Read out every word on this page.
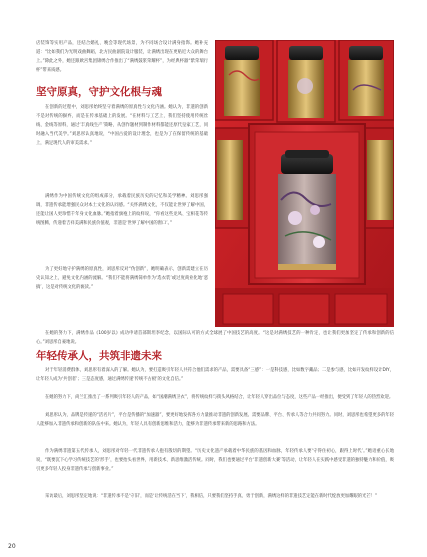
店装饰等实用产品，还结合婚礼、晚会等现代场景，为不同场合设计满身指饰。她补充道：“比如我们为光明戏曲舞蹈，北方民曲剧院设计服装，让满绣出现在更贴近大众的舞台上。”除此之外，她还跟欧宫集团锦绣合作推出了“满绣鼓浆荣耀杯”，为经典杯器“紫荣瑞行杯”带来质感。

坚守原真，守护文化根与魂

在创新的过程中，刘思彤始终坚守着满绣的原真性与文化内涵。她认为，非遗的创新不是对传统的摒弃，而是在传承基础上的发展。“在材料与工艺上，我们坚持使用传统丝线、金线等原料，通过‘丰真线生产’策略，从创作题材到制作材料都能还原代皇家工艺，同时融入当代美学。”刘思彤认真地说，“中国古爱的设计理念，也是为了在保留传统的基础上，满足现代人的审美需求。”

满绣作为中国传统文化的组成部分，承载着民族历史的记忆和美学精神。刘思彤强调，非遗传承能增强民众对本土文化的认同感。“关怀满绣文化，不仅能让世界了解中国，还能让国人更珍惜千年身文化血脉。”她指着旗袍上的纹样说，“你看这些龙凤、宝相花等传统图腾，传递着吉祥美满和民族价值观，非遗是‘世界了解中国的窗口’。”

为了更好地守护满绣的原真性，刘思彤反对“伪创新”，她明确表示，创新需建立在历史认知之上，避免文化内涵的流解。“我们不能将满绣简单作为‘选衣装’或过度商业化地‘恶搞’，这是对传统文化的亵渎。”

在她的努力下，满绣作品《100岁以》成功申请首部斯坦李纪念，以国际认可的方式全球展了中国技艺的高度。“这是对满绣技艺的一种肯定，也让我们更加坚定了传承和创新的信心。”刘思彤自豪地说。

年轻传承人，共筑非遗未来

对于年轻消费群体，刘思彤有着深入的了解。她认为，要打造吸引年轻人共符合他们需求的产品，需要具备“三感”：一是科技感，比如数字藏品；二是参与感，比如开发纹样设计DIY，让年轻人成为‘共创者’；三是态度感，通过满绣传递‘传统不古板’的文化自信。”

在她的努力下，尚兰汇推出了一系列吸引年轻人的产品，如“国潮满绣卫衣”，将传统纹样与街头风格结合，让年轻人穿出品位与态度，这些产品一经推出，便受到了年轻人的热烈欢迎。

刘思彤认为，品牌是传递的“活名片”，平台是传播的“加速器”，要更好地发挥各方力量推动非遗的创新发展。需要品牌、平台、传承人等合力共同努力。同时，刘思彤也希望更多的年轻人能够加入非遗传承和创新的队伍中来。她认为，年轻人具有创新思维和活力，能够为非遗传承带来新的思路和方法。

作为满绣非遗第五代传承人，刘思彤对年轻一代非遗传承人抱有殷切的期望。“历史文化遗产承载着中华民族的基因和血脉，年轻传承人要‘守得住初心，跟得上时代’。”她语重心长地说，“既要沉下心学习传统技艺的‘形手’，也要抬头看世界，用新技术、新思维激活传统。同时，我们也要通过平台‘非遗创新大赛’等活动，让年轻人在实践中感受非遗的独特魅力和价值，吸引更多年轻人投身非遗传承与创新事业。”

采访最后，刘思彤坚定地说：“非遗传承不是‘守旧’，而是‘让传统活在当下’，我相信，只要我们坚持手真、勇于创新，满绣这样的非遗技艺定能在新时代绽放更加耀眼的光芒！”

20
